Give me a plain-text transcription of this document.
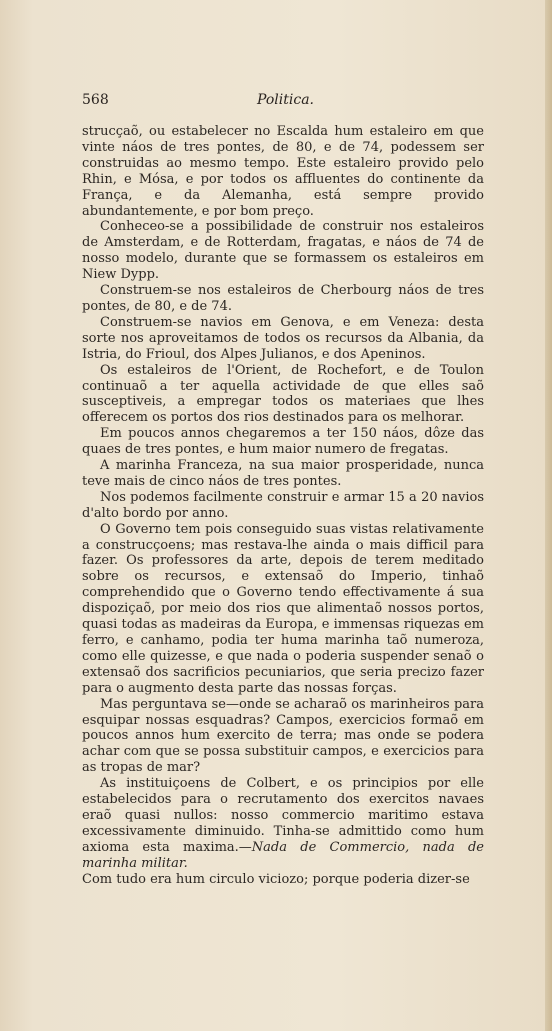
568	Politica.

strucçaõ, ou estabelecer no Escalda hum estaleiro em que vinte náos de tres pontes, de 80, e de 74, podessem ser construidas ao mesmo tempo. Este estaleiro provido pelo Rhin, e Mósa, e por todos os affluentes do continente da França, e da Alemanha, está sempre provido abundantemente, e por bom preço.

Conheceo-se a possibilidade de construir nos estaleiros de Amsterdam, e de Rotterdam, fragatas, e náos de 74 de nosso modelo, durante que se formassem os estaleiros em Niew Dypp.

Construem-se nos estaleiros de Cherbourg náos de tres pontes, de 80, e de 74.

Construem-se navios em Genova, e em Veneza: desta sorte nos aproveitamos de todos os recursos da Albania, da Istria, do Frioul, dos Alpes Julianos, e dos Apeninos.

Os estaleiros de l'Orient, de Rochefort, e de Toulon continuaõ a ter aquella actividade de que elles saõ susceptiveis, a empregar todos os materiaes que lhes offerecem os portos dos rios destinados para os melhorar.

Em poucos annos chegaremos a ter 150 náos, dôze das quaes de tres pontes, e hum maior numero de fregatas.

A marinha Franceza, na sua maior prosperidade, nunca teve mais de cinco náos de tres pontes.

Nos podemos facilmente construir e armar 15 a 20 navios d'alto bordo por anno.

O Governo tem pois conseguido suas vistas relativamente a construcçoens; mas restava-lhe ainda o mais difficil para fazer. Os professores da arte, depois de terem meditado sobre os recursos, e extensaõ do Imperio, tinhaõ comprehendido que o Governo tendo effectivamente á sua dispoziçaõ, por meio dos rios que alimentaõ nossos portos, quasi todas as madeiras da Europa, e immensas riquezas em ferro, e canhamo, podia ter huma marinha taõ numeroza, como elle quizesse, e que nada o poderia suspender senaõ o extensaõ dos sacrificios pecuniarios, que seria precizo fazer para o augmento desta parte das nossas forças.

Mas perguntava se—onde se acharaõ os marinheiros para esquipar nossas esquadras? Campos, exercicios formaõ em poucos annos hum exercito de terra; mas onde se podera achar com que se possa substituir campos, e exercicios para as tropas de mar?

As instituiçoens de Colbert, e os principios por elle estabelecidos para o recrutamento dos exercitos navaes eraõ quasi nullos: nosso commercio maritimo estava excessivamente diminuido. Tinha-se admittido como hum axioma esta maxima.—Nada de Commercio, nada de marinha militar.

Com tudo era hum circulo viciozo; porque poderia dizer-se
